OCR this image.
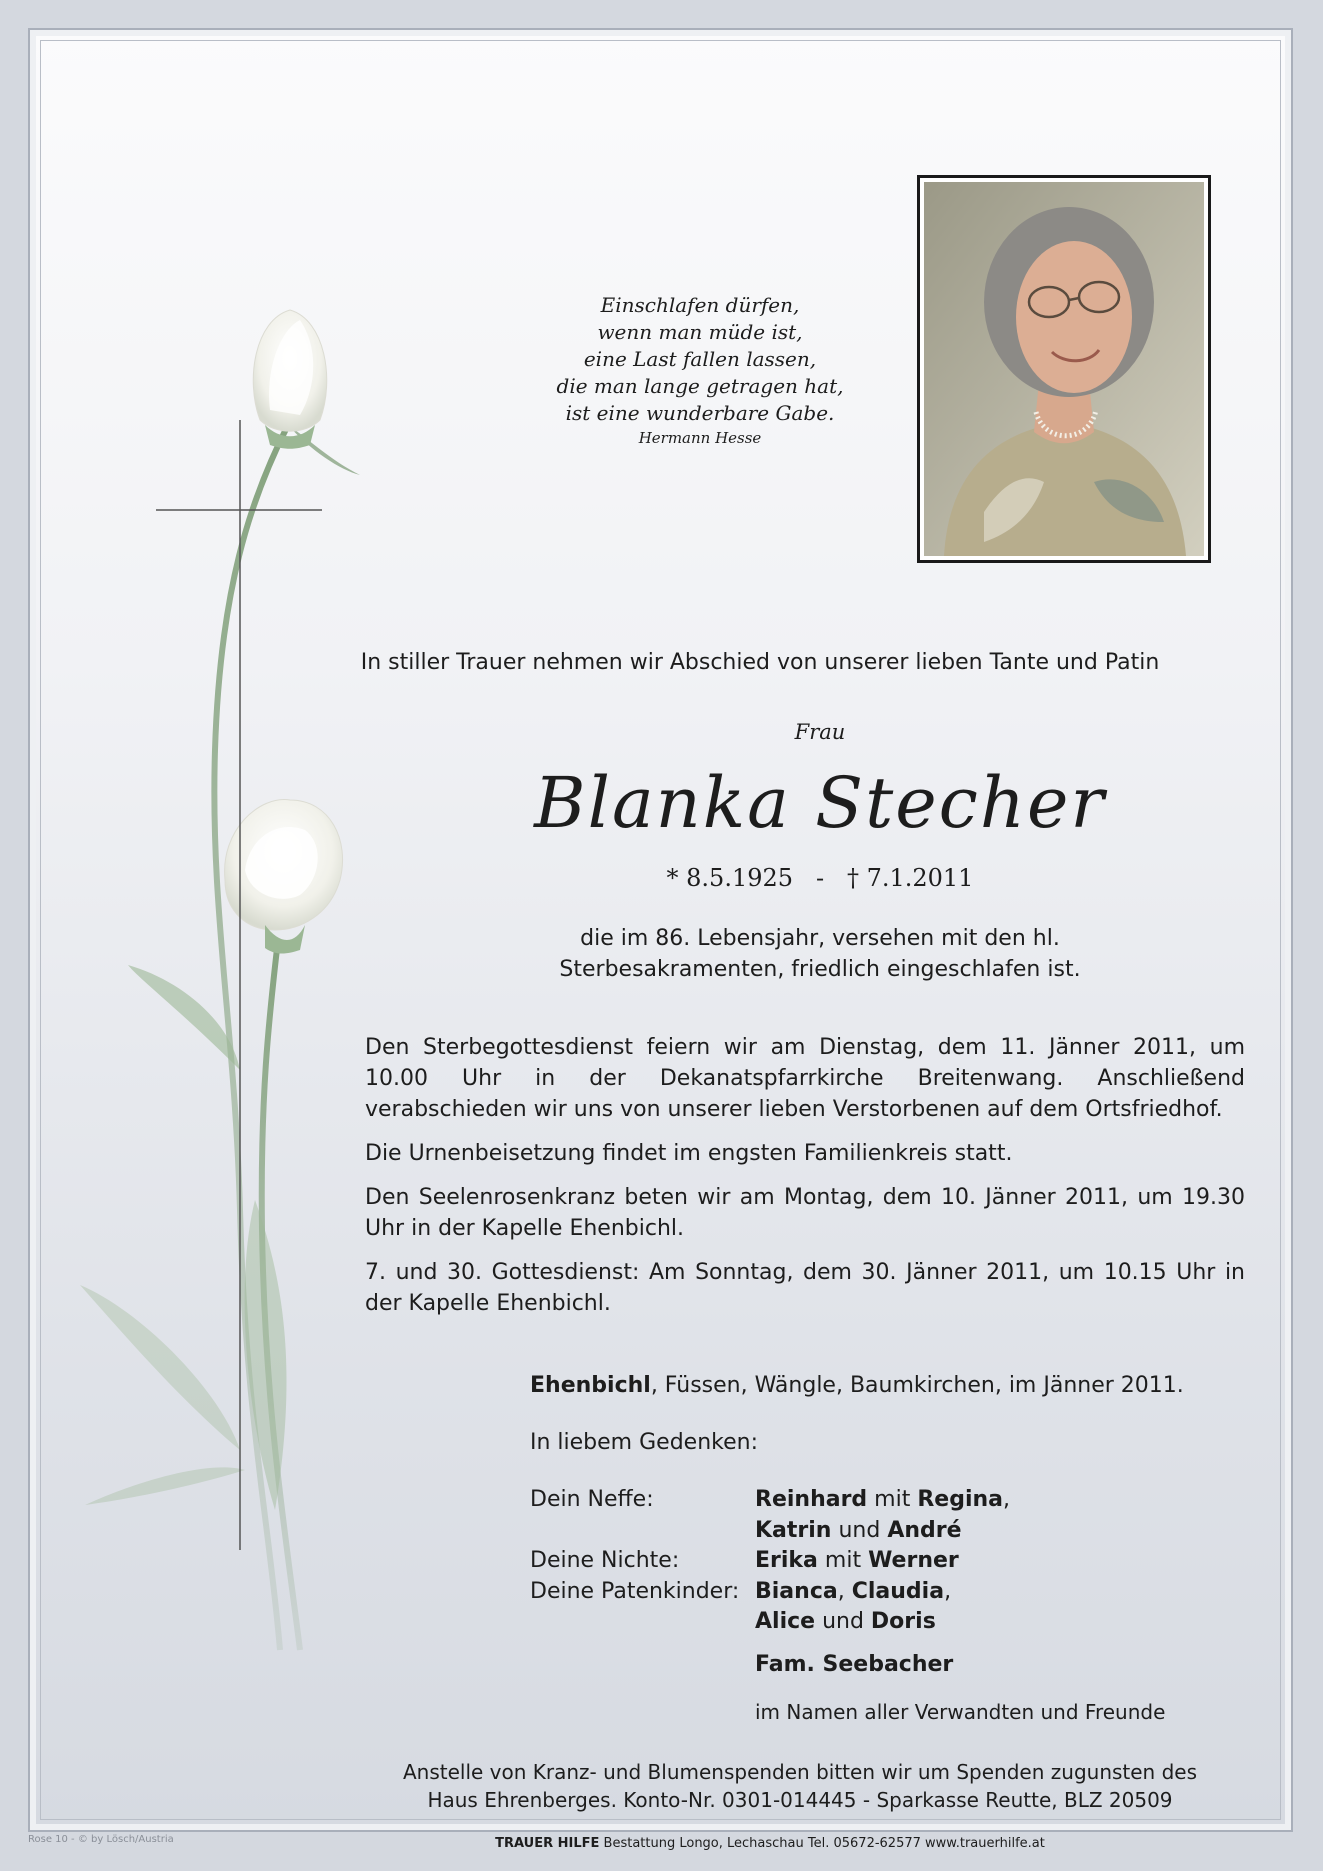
Einschlafen dürfen,
wenn man müde ist,
eine Last fallen lassen,
die man lange getragen hat,
ist eine wunderbare Gabe.
Hermann Hesse
In stiller Trauer nehmen wir Abschied von unserer lieben Tante und Patin
Frau
Blanka Stecher
* 8.5.1925 - † 7.1.2011
die im 86. Lebensjahr, versehen mit den hl.
Sterbesakramenten, friedlich eingeschlafen ist.

Den Sterbegottesdienst feiern wir am Dienstag, dem 11. Jänner 2011, um 10.00 Uhr in der Dekanatspfarrkirche Breitenwang. Anschließend verabschieden wir uns von unserer lieben Verstorbenen auf dem Ortsfriedhof.

Die Urnenbeisetzung findet im engsten Familienkreis statt.

Den Seelenrosenkranz beten wir am Montag, dem 10. Jänner 2011, um 19.30 Uhr in der Kapelle Ehenbichl.

7. und 30. Gottesdienst: Am Sonntag, dem 30. Jänner 2011, um 10.15 Uhr in der Kapelle Ehenbichl.

Ehenbichl, Füssen, Wängle, Baumkirchen, im Jänner 2011.
In liebem Gedenken:
Dein Neffe:	Reinhard mit Regina,
Katrin und André
Deine Nichte:	Erika mit Werner
Deine Patenkinder: Bianca, Claudia,
Alice und Doris
Fam. Seebacher
im Namen aller Verwandten und Freunde
Anstelle von Kranz- und Blumenspenden bitten wir um Spenden zugunsten des
Haus Ehrenberges. Konto-Nr. 0301-014445 - Sparkasse Reutte, BLZ 20509
TRAUER HILFE Bestattung Longo, Lechaschau Tel. 05672-62577 www.trauerhilfe.at
Rose 10 - © by Lösch/Austria
